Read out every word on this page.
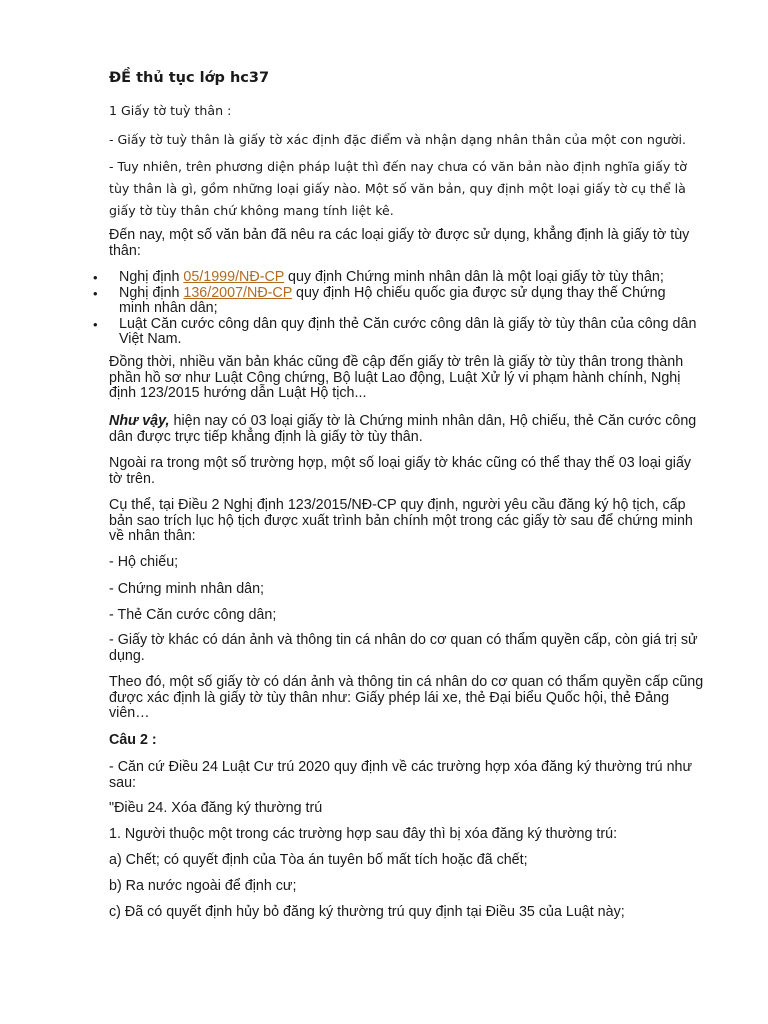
ĐỀ thủ tục lớp hc37

1 Giấy tờ tuỳ thân :

- Giấy tờ tuỳ thân là giấy tờ xác định đặc điểm và nhận dạng nhân thân của một con người.

- Tuy nhiên, trên phương diện pháp luật thì đến nay chưa có văn bản nào định nghĩa giấy tờ tùy thân là gì, gồm những loại giấy nào. Một số văn bản, quy định một loại giấy tờ cụ thể là giấy tờ tùy thân chứ không mang tính liệt kê.

Đến nay, một số văn bản đã nêu ra các loại giấy tờ được sử dụng, khẳng định là giấy tờ tùy thân:

• Nghị định 05/1999/NĐ-CP quy định Chứng minh nhân dân là một loại giấy tờ tùy thân;
• Nghị định 136/2007/NĐ-CP quy định Hộ chiếu quốc gia được sử dụng thay thế Chứng minh nhân dân;
• Luật Căn cước công dân quy định thẻ Căn cước công dân là giấy tờ tùy thân của công dân Việt Nam.

Đồng thời, nhiều văn bản khác cũng đề cập đến giấy tờ trên là giấy tờ tùy thân trong thành phần hồ sơ như Luật Công chứng, Bộ luật Lao động, Luật Xử lý vi phạm hành chính, Nghị định 123/2015 hướng dẫn Luật Hộ tịch...

Như vậy, hiện nay có 03 loại giấy tờ là Chứng minh nhân dân, Hộ chiếu, thẻ Căn cước công dân được trực tiếp khẳng định là giấy tờ tùy thân.

Ngoài ra trong một số trường hợp, một số loại giấy tờ khác cũng có thể thay thế 03 loại giấy tờ trên.

Cụ thể, tại Điều 2 Nghị định 123/2015/NĐ-CP quy định, người yêu cầu đăng ký hộ tịch, cấp bản sao trích lục hộ tịch được xuất trình bản chính một trong các giấy tờ sau để chứng minh về nhân thân:

- Hộ chiếu;

- Chứng minh nhân dân;

- Thẻ Căn cước công dân;

- Giấy tờ khác có dán ảnh và thông tin cá nhân do cơ quan có thẩm quyền cấp, còn giá trị sử dụng.

Theo đó, một số giấy tờ có dán ảnh và thông tin cá nhân do cơ quan có thẩm quyền cấp cũng được xác định là giấy tờ tùy thân như: Giấy phép lái xe, thẻ Đại biểu Quốc hội, thẻ Đảng viên…

Câu 2 :

- Căn cứ Điều 24 Luật Cư trú 2020 quy định về các trường hợp xóa đăng ký thường trú như sau:

"Điều 24. Xóa đăng ký thường trú

1. Người thuộc một trong các trường hợp sau đây thì bị xóa đăng ký thường trú:

a) Chết; có quyết định của Tòa án tuyên bố mất tích hoặc đã chết;

b) Ra nước ngoài để định cư;

c) Đã có quyết định hủy bỏ đăng ký thường trú quy định tại Điều 35 của Luật này;
